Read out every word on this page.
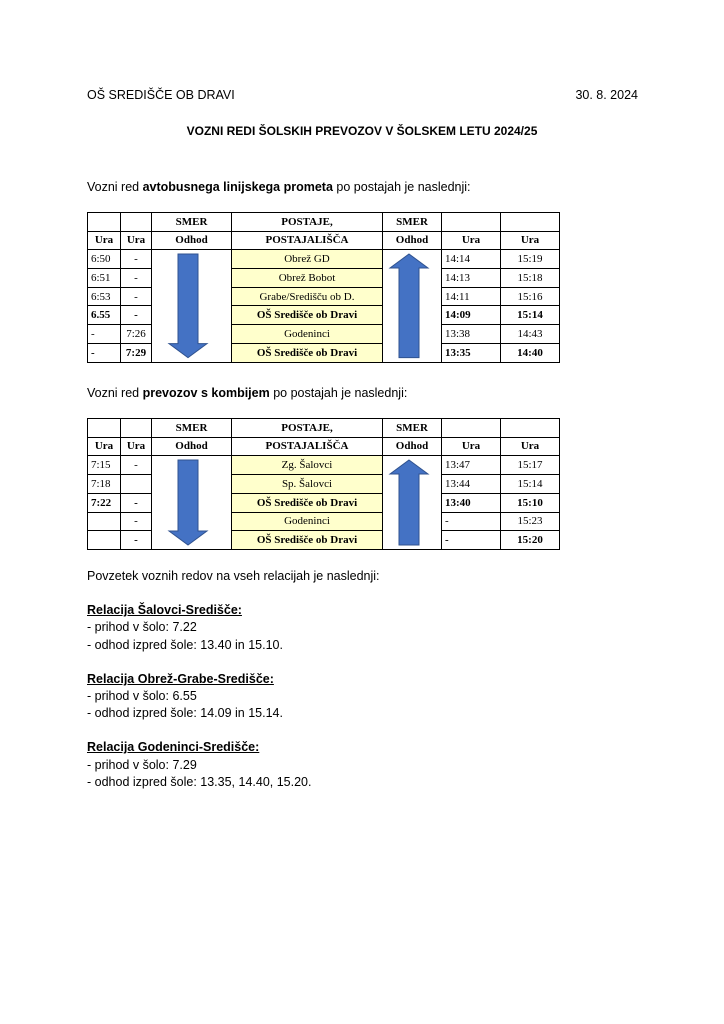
OŠ SREDIŠČE OB DRAVI	30. 8. 2024
VOZNI REDI ŠOLSKIH PREVOZOV V ŠOLSKEM LETU 2024/25
Vozni red avtobusnega linijskega prometa po postajah je naslednji:
		SMER	POSTAJE,	SMER		
Ura	Ura	Odhod	POSTAJALIŠČA	Odhod	Ura	Ura
6:50	-		Obrež GD		14:14	15:19
6:51	-		Obrež Bobot		14:13	15:18
6:53	-		Grabe/Središču ob D.		14:11	15:16
6.55	-		OŠ Središče ob Dravi		14:09	15:14
-	7:26		Godeninci		13:38	14:43
-	7:29		OŠ Središče ob Dravi		13:35	14:40
Vozni red prevozov s kombijem po postajah je naslednji:
		SMER	POSTAJE,	SMER		
Ura	Ura	Odhod	POSTAJALIŠČA	Odhod	Ura	Ura
7:15	-		Zg. Šalovci		13:47	15:17
7:18			Sp. Šalovci		13:44	15:14
7:22	-		OŠ Središče ob Dravi		13:40	15:10
	-		Godeninci		-	15:23
	-		OŠ Središče ob Dravi		-	15:20
Povzetek voznih redov na vseh relacijah je naslednji:
Relacija Šalovci-Središče:
- prihod v šolo: 7.22
- odhod izpred šole: 13.40 in 15.10.
Relacija Obrež-Grabe-Središče:
- prihod v šolo: 6.55
- odhod izpred šole: 14.09 in 15.14.
Relacija Godeninci-Središče:
- prihod v šolo: 7.29
- odhod izpred šole: 13.35, 14.40, 15.20.
